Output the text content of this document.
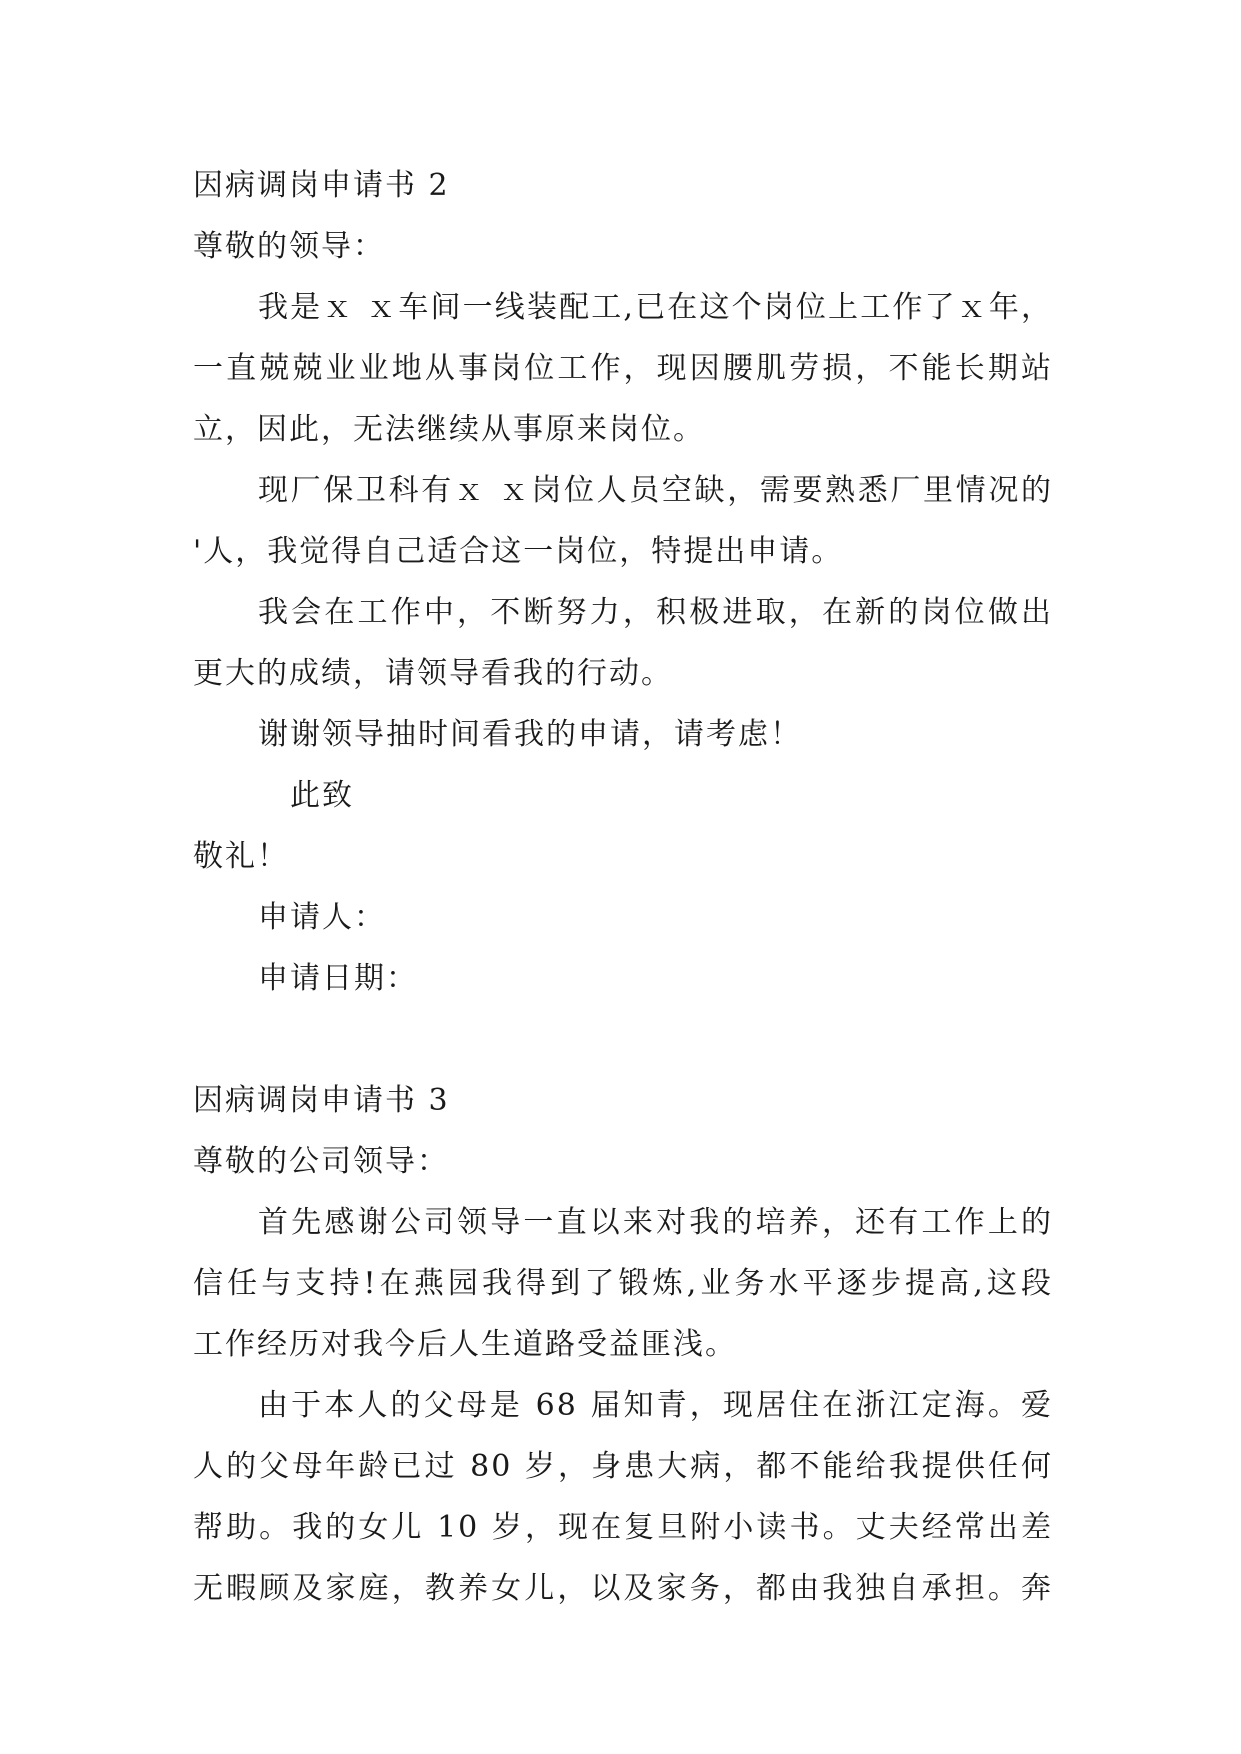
因病调岗申请书 2
尊敬的领导：
我是ｘ ｘ车间一线装配工,已在这个岗位上工作了ｘ年，
一直兢兢业业地从事岗位工作，现因腰肌劳损，不能长期站
立，因此，无法继续从事原来岗位。
现厂保卫科有ｘ ｘ岗位人员空缺，需要熟悉厂里情况的
'人，我觉得自己适合这一岗位，特提出申请。
我会在工作中，不断努力，积极进取，在新的岗位做出
更大的成绩，请领导看我的行动。
谢谢领导抽时间看我的申请，请考虑！
此致
敬礼！
申请人：
申请日期：
因病调岗申请书 3
尊敬的公司领导：
首先感谢公司领导一直以来对我的培养，还有工作上的
信任与支持!在燕园我得到了锻炼,业务水平逐步提高,这段
工作经历对我今后人生道路受益匪浅。
由于本人的父母是 68 届知青，现居住在浙江定海。爱
人的父母年龄已过 80 岁，身患大病，都不能给我提供任何
帮助。我的女儿 10 岁，现在复旦附小读书。丈夫经常出差
无暇顾及家庭，教养女儿，以及家务，都由我独自承担。奔
